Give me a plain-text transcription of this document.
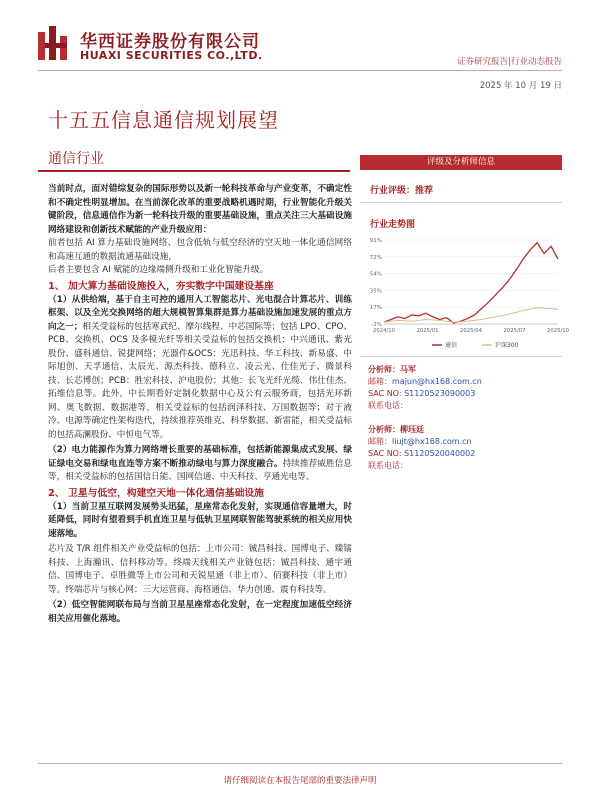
华西证券股份有限公司
HUAXI SECURITIES CO.,LTD.	证券研究报告|行业动态报告
2025 年 10 月 19 日
十五五信息通信规划展望
通信行业	评级及分析师信息
行业评级：推荐
行业走势图
91%
72%
54%
35%
17%
-2%
2024/10	2025/01	2025/04	2025/07	2025/10
通信	沪深300
分析师：马军
邮箱：majun@hx168.com.cn
SAC NO: S1120523090003
联系电话：
分析师：柳珏廷
邮箱：liujt@hx168.com.cn
SAC NO: S1120520040002
联系电话：

当前时点，面对错综复杂的国际形势以及新一轮科技革命与产业变革，不确定性和不确定性明显增加。在当前深化改革的重要战略机遇时期，行业智能化升级关键阶段，信息通信作为新一轮科技升级的重要基础设施，重点关注三大基础设施网络建设和创新技术赋能的产业升级应用：

前者包括 AI 算力基础设施网络、包含低轨与低空经济的空天地一体化通信网络和高速互通的数据流通基础设施，

后者主要包含 AI 赋能的边缘端侧升级和工业化智能升级。

1、 加大算力基础设施投入，夯实数字中国建设基座

（1）从供给端，基于自主可控的通用人工智能芯片、光电混合计算芯片、训练框架、以及全光交换网络的超大规模智算集群是算力基础设施加速发展的重点方向之一；相关受益标的包括寒武纪、摩尔线程、中芯国际等；包括 LPO、CPO、PCB、交换机、OCS 及多模光纤等相关受益标的包括交换机：中兴通讯、紫光股份、盛科通信、锐捷网络；光器件&OCS：光迅科技、华工科技、新易盛、中际旭创、天孚通信、太辰光、源杰科技、德科立、凌云光、仕佳光子、腾景科技、长芯博创；PCB：胜宏科技、沪电股份；其他：长飞光纤光缆、伟仕佳杰、拓维信息等。此外，中长期看好定制化数据中心及公有云服务商，包括光环新网、奥飞数据、数据港等，相关受益标的包括润泽科技、万国数据等；对于液冷、电源等确定性架构迭代，持续推荐英维克、科华数据、新雷能，相关受益标的包括高澜股份、中恒电气等。

（2）电力能源作为算力网络增长重要的基础标准，包括新能源集成式发展、绿证绿电交易和绿电直连等方案不断推动绿电与算力深度融合。持续推荐威胜信息等，相关受益标的包括国信日能、国网信通、中天科技、亨通光电等。

2、 卫星与低空，构建空天地一体化通信基础设施

（1）当前卫星互联网发展势头迅猛，星座常态化发射，实现通信容量增大，时延降低，同时有望看到手机直连卫星与低轨卫星网联智能驾驶系统的相关应用快速落地。

芯片及 T/R 组件相关产业受益标的包括：上市公司：铖昌科技、国博电子、臻镭科技、上海瀚讯、信科移动等。终端天线相关产业链包括：铖昌科技、通宇通信、国博电子、卓胜微等上市公司和天锐星通（非上市）、佰赛科技（非上市）等。终端芯片与核心网：三大运营商、海格通信、华力创通、震有科技等。

（2）低空智能网联布局与当前卫星星座常态化发射，在一定程度加速低空经济相关应用催化落地。

请仔细阅读在本报告尾部的重要法律声明
